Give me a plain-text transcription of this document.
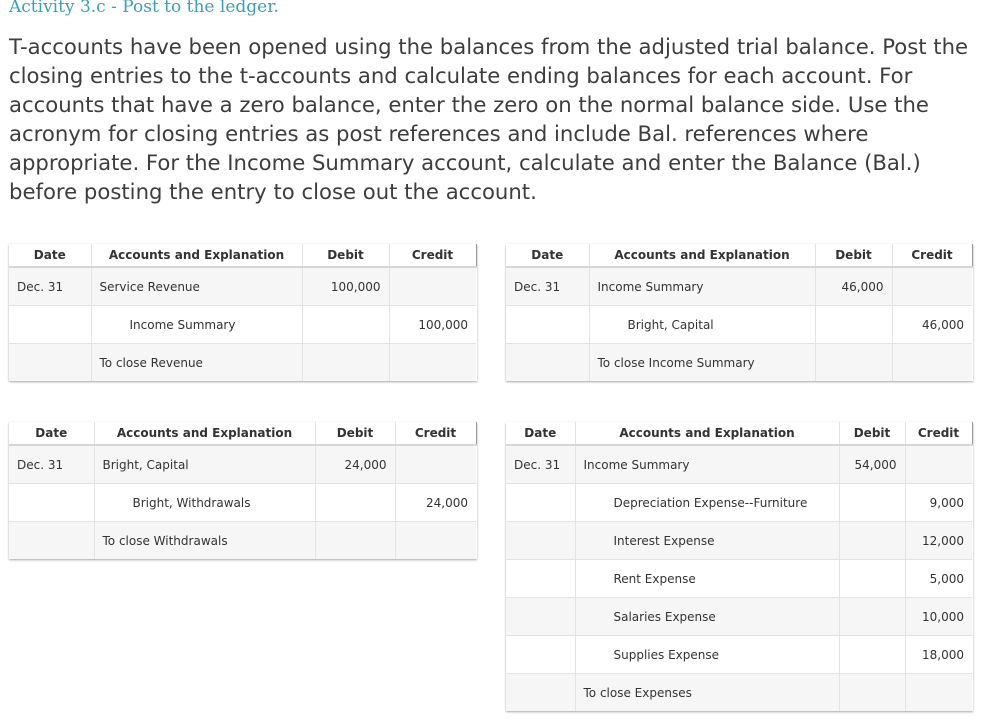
Activity 3.c - Post to the ledger.
T-accounts have been opened using the balances from the adjusted trial balance. Post the closing entries to the t-accounts and calculate ending balances for each account. For accounts that have a zero balance, enter the zero on the normal balance side. Use the acronym for closing entries as post references and include Bal. references where appropriate. For the Income Summary account, calculate and enter the Balance (Bal.) before posting the entry to close out the account.
Date	Accounts and Explanation	Debit	Credit
Dec. 31	Service Revenue	100,000	
	Income Summary		100,000
	To close Revenue		
Date	Accounts and Explanation	Debit	Credit
Dec. 31	Income Summary	46,000	
	Bright, Capital		46,000
	To close Income Summary		
Date	Accounts and Explanation	Debit	Credit
Dec. 31	Bright, Capital	24,000	
	Bright, Withdrawals		24,000
	To close Withdrawals		
Date	Accounts and Explanation	Debit	Credit
Dec. 31	Income Summary	54,000	
	Depreciation Expense--Furniture		9,000
	Interest Expense		12,000
	Rent Expense		5,000
	Salaries Expense		10,000
	Supplies Expense		18,000
	To close Expenses		
